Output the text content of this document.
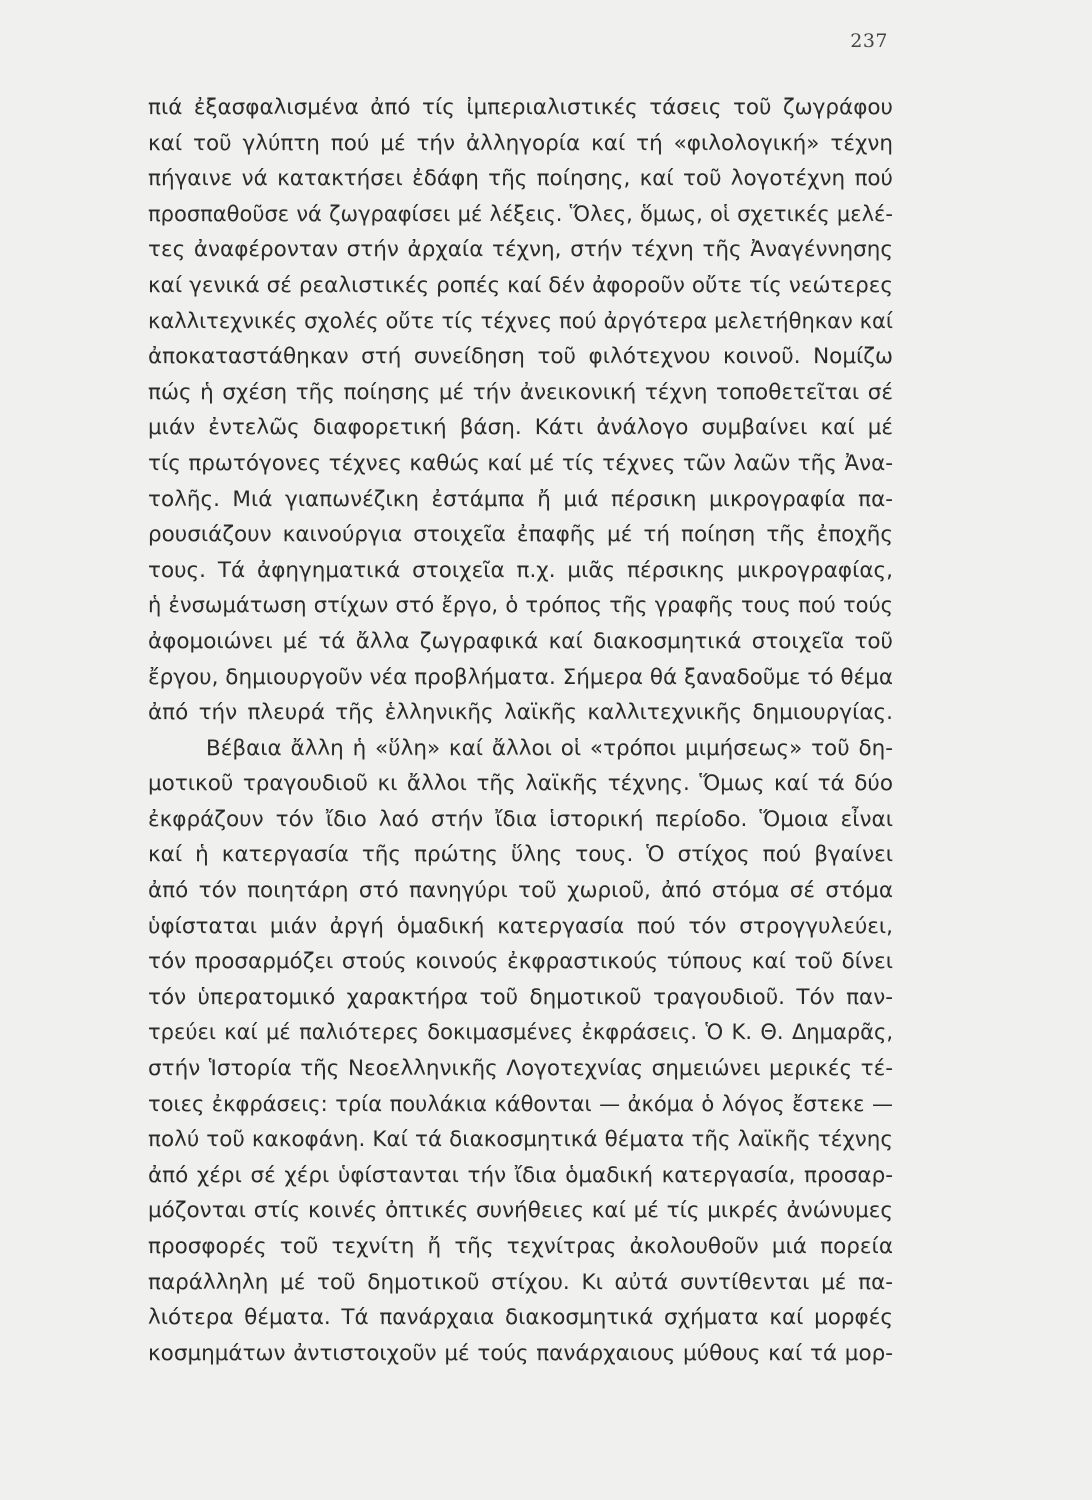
237
πιά ἐξασφαλισμένα ἀπό τίς ἰμπεριαλιστικές τάσεις τοῦ ζωγράφου
καί τοῦ γλύπτη πού μέ τήν ἀλληγορία καί τή «φιλολογική» τέχνη
πήγαινε νά κατακτήσει ἐδάφη τῆς ποίησης, καί τοῦ λογοτέχνη πού
προσπαθοῦσε νά ζωγραφίσει μέ λέξεις. Ὅλες, ὅμως, οἱ σχετικές μελέ-
τες ἀναφέρονταν στήν ἀρχαία τέχνη, στήν τέχνη τῆς Ἀναγέννησης
καί γενικά σέ ρεαλιστικές ροπές καί δέν ἀφοροῦν οὔτε τίς νεώτερες
καλλιτεχνικές σχολές οὔτε τίς τέχνες πού ἀργότερα μελετήθηκαν καί
ἀποκαταστάθηκαν στή συνείδηση τοῦ φιλότεχνου κοινοῦ. Νομίζω
πώς ἡ σχέση τῆς ποίησης μέ τήν ἀνεικονική τέχνη τοποθετεῖται σέ
μιάν ἐντελῶς διαφορετική βάση. Κάτι ἀνάλογο συμβαίνει καί μέ
τίς πρωτόγονες τέχνες καθώς καί μέ τίς τέχνες τῶν λαῶν τῆς Ἀνα-
τολῆς. Μιά γιαπωνέζικη ἐστάμπα ἤ μιά πέρσικη μικρογραφία πα-
ρουσιάζουν καινούργια στοιχεῖα ἐπαφῆς μέ τή ποίηση τῆς ἐποχῆς
τους. Τά ἀφηγηματικά στοιχεῖα π.χ. μιᾶς πέρσικης μικρογραφίας,
ἡ ἐνσωμάτωση στίχων στό ἔργο, ὁ τρόπος τῆς γραφῆς τους πού τούς
ἀφομοιώνει μέ τά ἄλλα ζωγραφικά καί διακοσμητικά στοιχεῖα τοῦ
ἔργου, δημιουργοῦν νέα προβλήματα. Σήμερα θά ξαναδοῦμε τό θέμα
ἀπό τήν πλευρά τῆς ἑλληνικῆς λαϊκῆς καλλιτεχνικῆς δημιουργίας.
Βέβαια ἄλλη ἡ «ὕλη» καί ἄλλοι οἱ «τρόποι μιμήσεως» τοῦ δη-
μοτικοῦ τραγουδιοῦ κι ἄλλοι τῆς λαϊκῆς τέχνης. Ὅμως καί τά δύο
ἐκφράζουν τόν ἴδιο λαό στήν ἴδια ἱστορική περίοδο. Ὅμοια εἶναι
καί ἡ κατεργασία τῆς πρώτης ὕλης τους. Ὁ στίχος πού βγαίνει
ἀπό τόν ποιητάρη στό πανηγύρι τοῦ χωριοῦ, ἀπό στόμα σέ στόμα
ὑφίσταται μιάν ἀργή ὁμαδική κατεργασία πού τόν στρογγυλεύει,
τόν προσαρμόζει στούς κοινούς ἐκφραστικούς τύπους καί τοῦ δίνει
τόν ὑπερατομικό χαρακτήρα τοῦ δημοτικοῦ τραγουδιοῦ. Τόν παν-
τρεύει καί μέ παλιότερες δοκιμασμένες ἐκφράσεις. Ὁ Κ. Θ. Δημαρᾶς,
στήν Ἱστορία τῆς Νεοελληνικῆς Λογοτεχνίας σημειώνει μερικές τέ-
τοιες ἐκφράσεις: τρία πουλάκια κάθονται — ἀκόμα ὁ λόγος ἔστεκε —
πολύ τοῦ κακοφάνη. Καί τά διακοσμητικά θέματα τῆς λαϊκῆς τέχνης
ἀπό χέρι σέ χέρι ὑφίστανται τήν ἴδια ὁμαδική κατεργασία, προσαρ-
μόζονται στίς κοινές ὀπτικές συνήθειες καί μέ τίς μικρές ἀνώνυμες
προσφορές τοῦ τεχνίτη ἤ τῆς τεχνίτρας ἀκολουθοῦν μιά πορεία
παράλληλη μέ τοῦ δημοτικοῦ στίχου. Κι αὐτά συντίθενται μέ πα-
λιότερα θέματα. Τά πανάρχαια διακοσμητικά σχήματα καί μορφές
κοσμημάτων ἀντιστοιχοῦν μέ τούς πανάρχαιους μύθους καί τά μορ-
